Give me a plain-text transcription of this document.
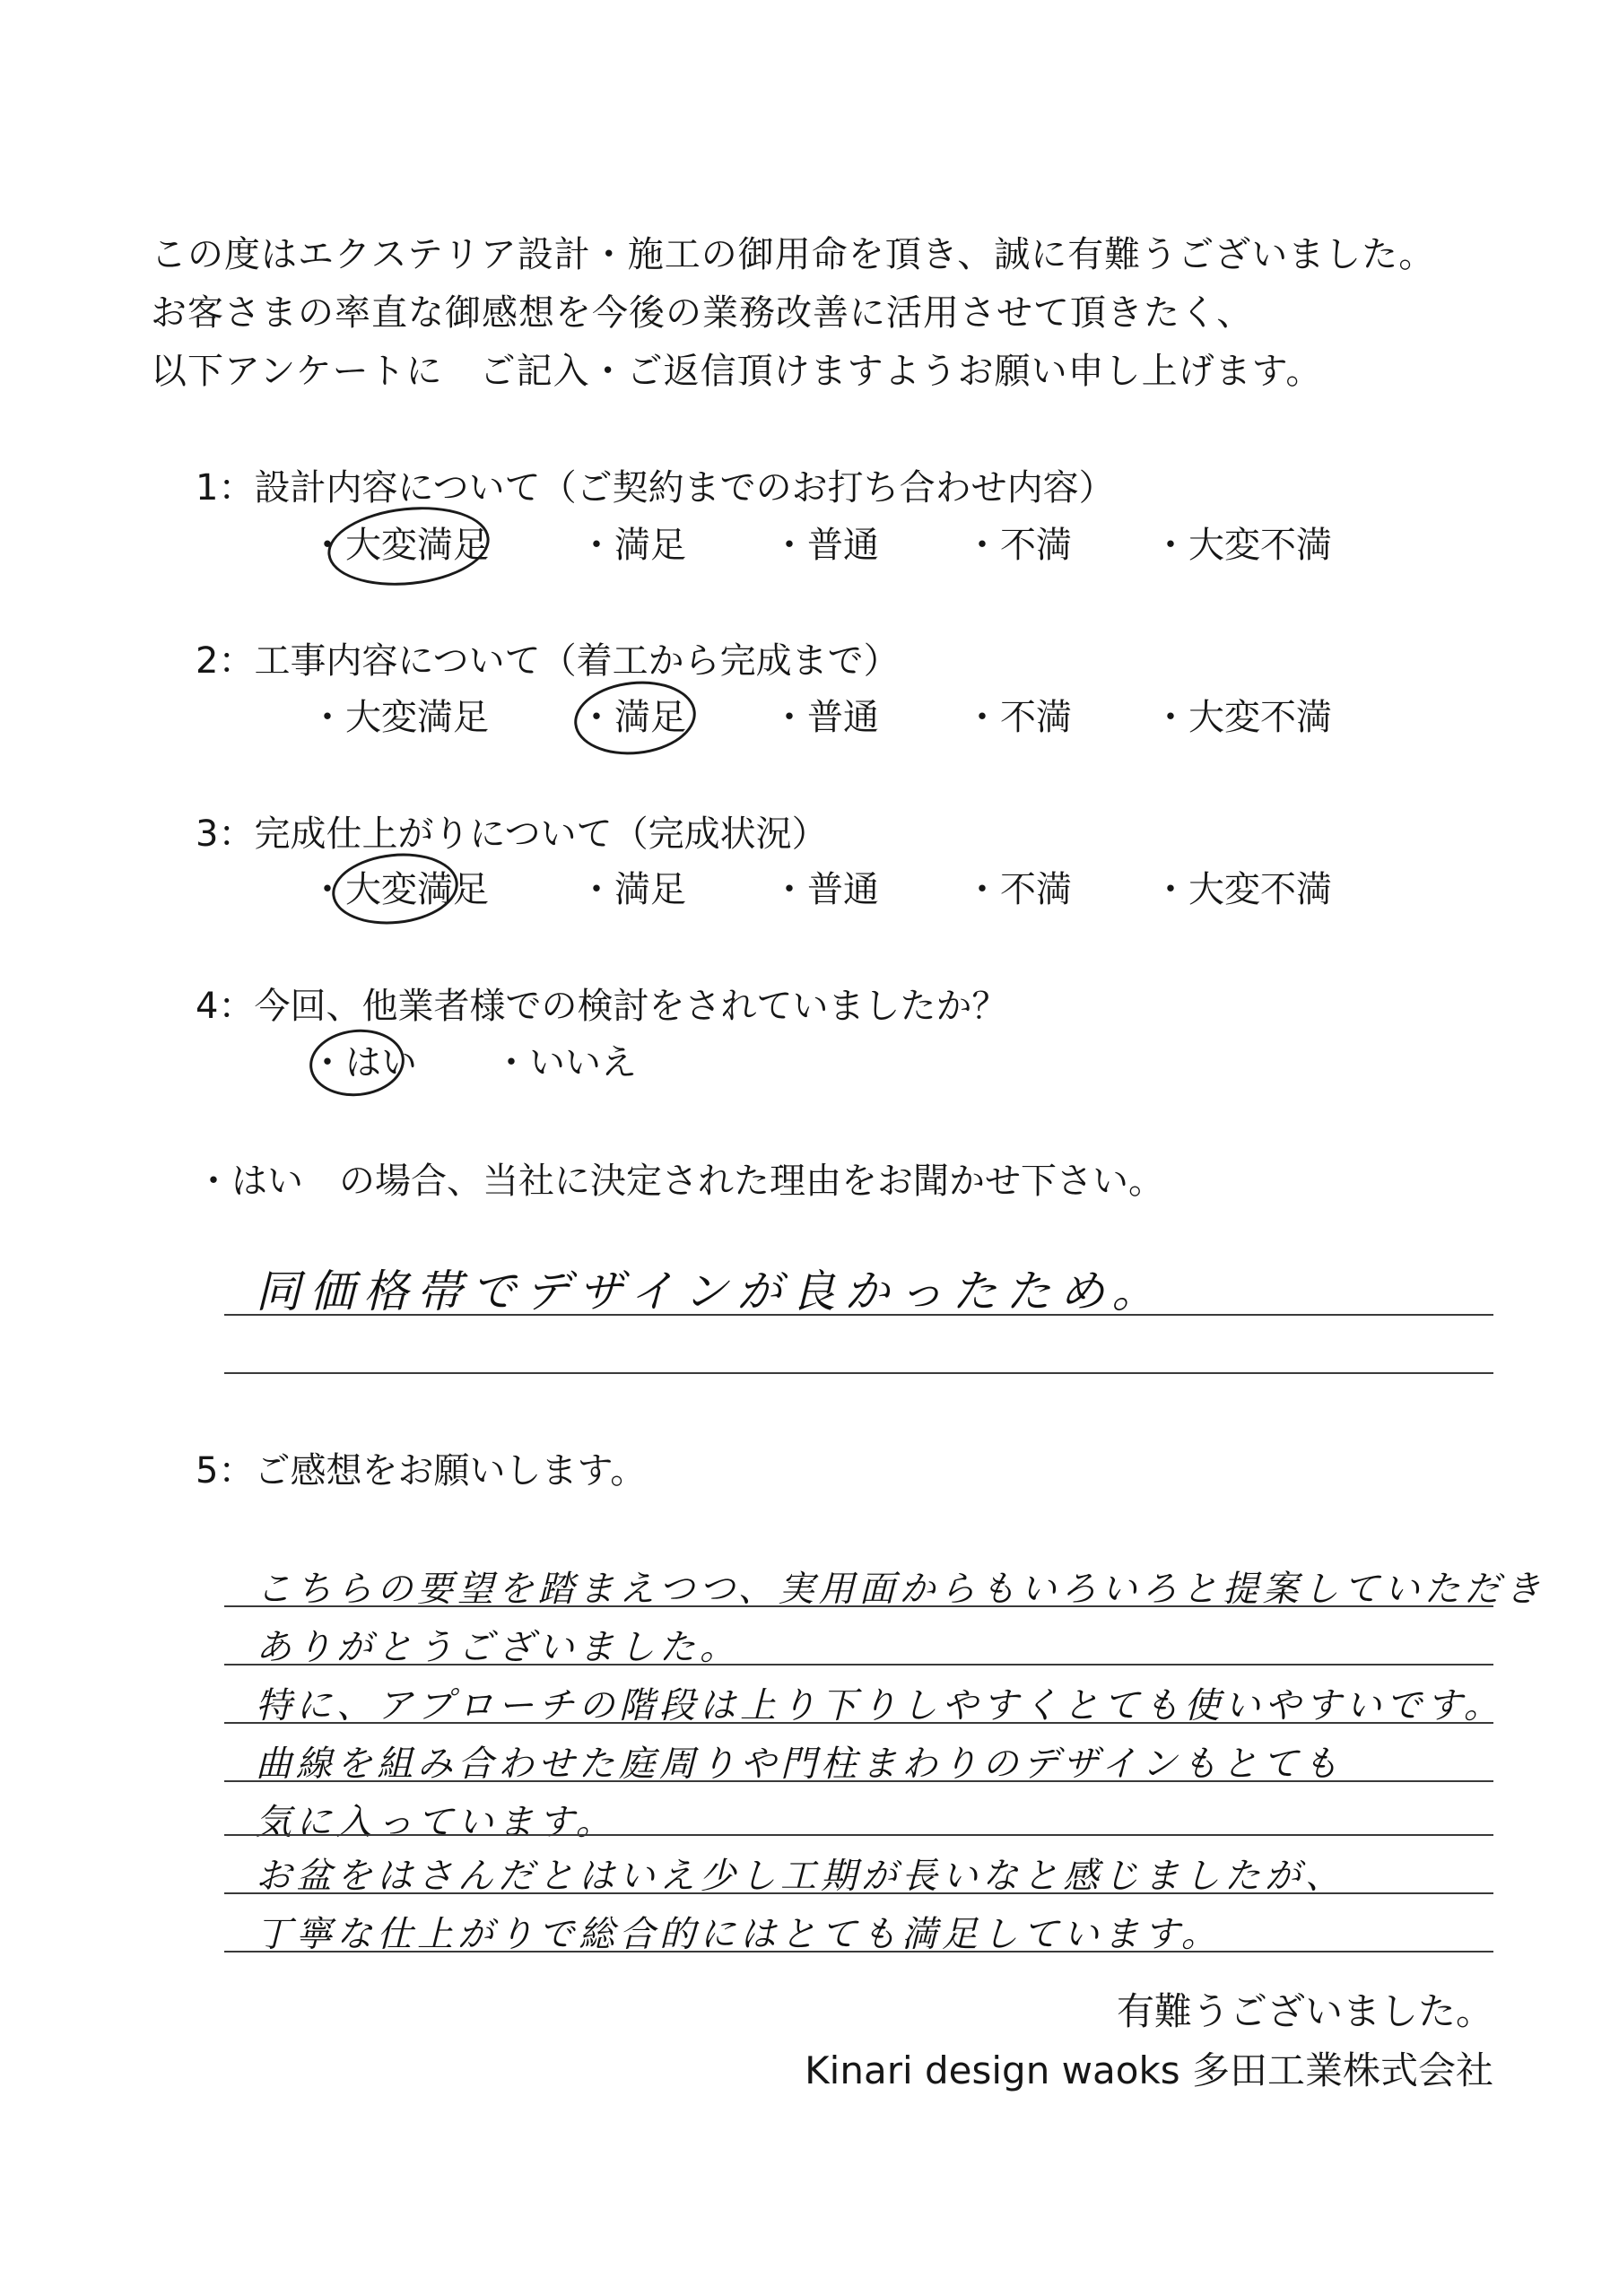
この度はエクステリア設計・施工の御用命を頂き、誠に有難うございました。
お客さまの率直な御感想を今後の業務改善に活用させて頂きたく、
以下アンケートに　ご記入・ご返信頂けますようお願い申し上げます。
1：設計内容について（ご契約までのお打ち合わせ内容）
・大変満足	・満足 ・普通 ・不満 ・大変不満
2：工事内容について（着工から完成まで）
・大変満足	・満足 ・普通 ・不満 ・大変不満
3：完成仕上がりについて（完成状況）
・大変満足	・満足 ・普通 ・不満 ・大変不満
4：今回、他業者様での検討をされていましたか？
・はい ・いいえ
・はい　の場合、当社に決定された理由をお聞かせ下さい。
同価格帯でデザインが良かったため。
5：ご感想をお願いします。
こちらの要望を踏まえつつ、実用面からもいろいろと提案していただき
ありがとうございました。
特に、アプローチの階段は上り下りしやすくとても使いやすいです。
曲線を組み合わせた庭周りや門柱まわりのデザインもとても
気に入っています。
お盆をはさんだとはいえ少し工期が長いなと感じましたが、
丁寧な仕上がりで総合的にはとても満足しています。
有難うございました。
Kinari design waoks 多田工業株式会社
